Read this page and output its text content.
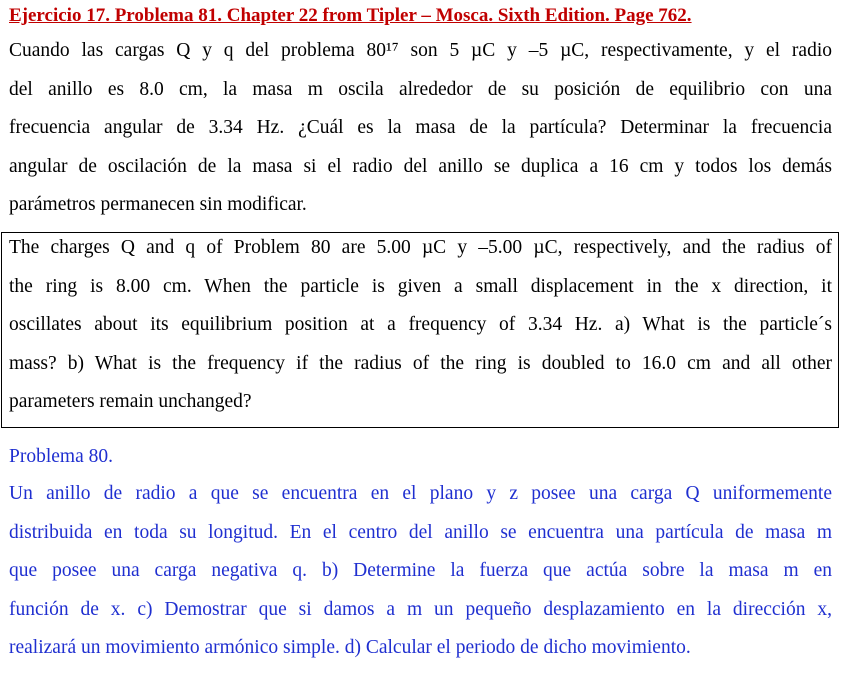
Ejercicio 17. Problema 81. Chapter 22 from Tipler – Mosca. Sixth Edition. Page 762.
Cuando las cargas Q y q del problema 80¹⁷ son 5 µC y –5 µC, respectivamente, y el radio
del anillo es 8.0 cm, la masa m oscila alrededor de su posición de equilibrio con una
frecuencia angular de 3.34 Hz. ¿Cuál es la masa de la partícula? Determinar la frecuencia
angular de oscilación de la masa si el radio del anillo se duplica a 16 cm y todos los demás
parámetros permanecen sin modificar.
The charges Q and q of Problem 80 are 5.00 µC y –5.00 µC, respectively, and the radius of
the ring is 8.00 cm. When the particle is given a small displacement in the x direction, it
oscillates about its equilibrium position at a frequency of 3.34 Hz. a) What is the particle´s
mass? b) What is the frequency if the radius of the ring is doubled to 16.0 cm and all other
parameters remain unchanged?
Problema 80.
Un anillo de radio a que se encuentra en el plano y z posee una carga Q uniformemente
distribuida en toda su longitud. En el centro del anillo se encuentra una partícula de masa m
que posee una carga negativa q. b) Determine la fuerza que actúa sobre la masa m en
función de x. c) Demostrar que si damos a m un pequeño desplazamiento en la dirección x,
realizará un movimiento armónico simple. d) Calcular el periodo de dicho movimiento.
